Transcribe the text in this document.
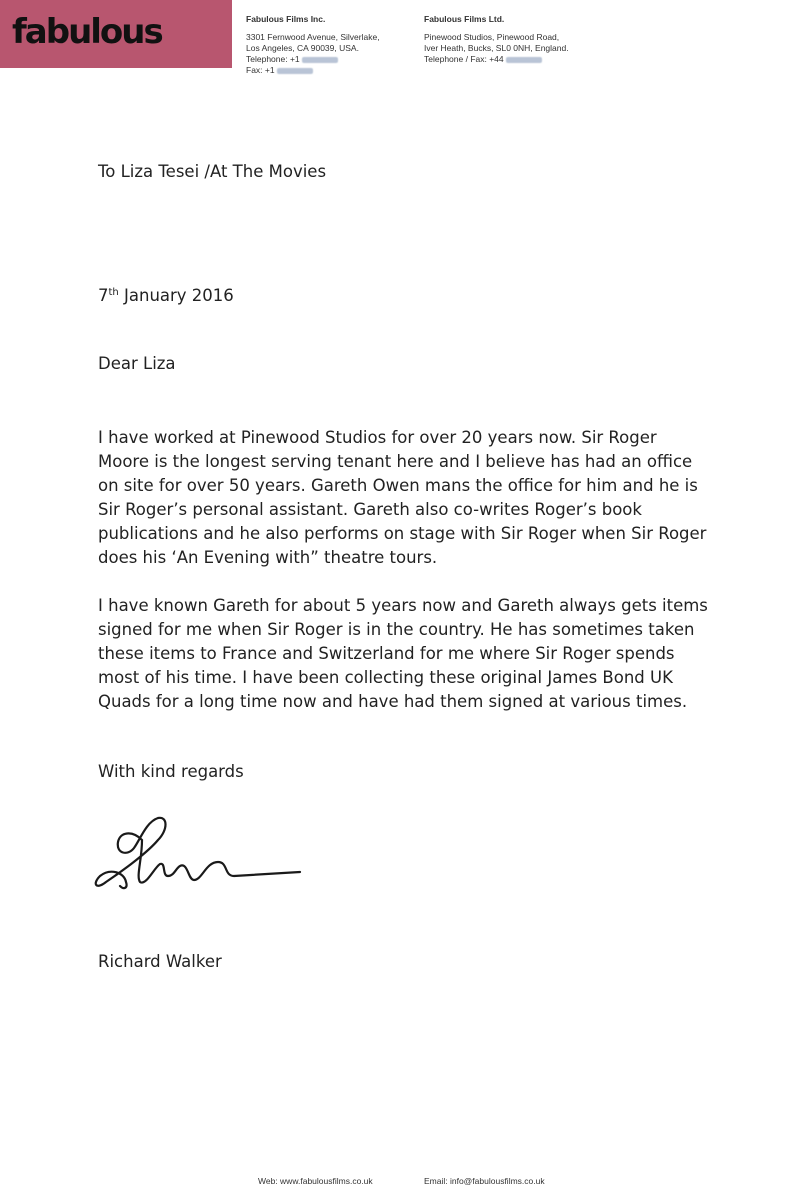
fabulous	Fabulous Films Inc.
3301 Fernwood Avenue, Silverlake,
Los Angeles, CA 90039, USA.
Telephone: +1
Fax: +1
Fabulous Films Ltd.
Pinewood Studios, Pinewood Road,
Iver Heath, Bucks, SL0 0NH, England.
Telephone / Fax: +44
To Liza Tesei /At The Movies
7th January 2016
Dear Liza

I have worked at Pinewood Studios for over 20 years now. Sir Roger Moore is the longest serving tenant here and I believe has had an office on site for over 50 years. Gareth Owen mans the office for him and he is Sir Roger’s personal assistant. Gareth also co-writes Roger’s book publications and he also performs on stage with Sir Roger when Sir Roger does his ‘An Evening with” theatre tours.

I have known Gareth for about 5 years now and Gareth always gets items signed for me when Sir Roger is in the country. He has sometimes taken these items to France and Switzerland for me where Sir Roger spends most of his time. I have been collecting these original James Bond UK Quads for a long time now and have had them signed at various times.

With kind regards
Richard Walker
Web: www.fabulousfilms.co.uk	Email: info@fabulousfilms.co.uk
